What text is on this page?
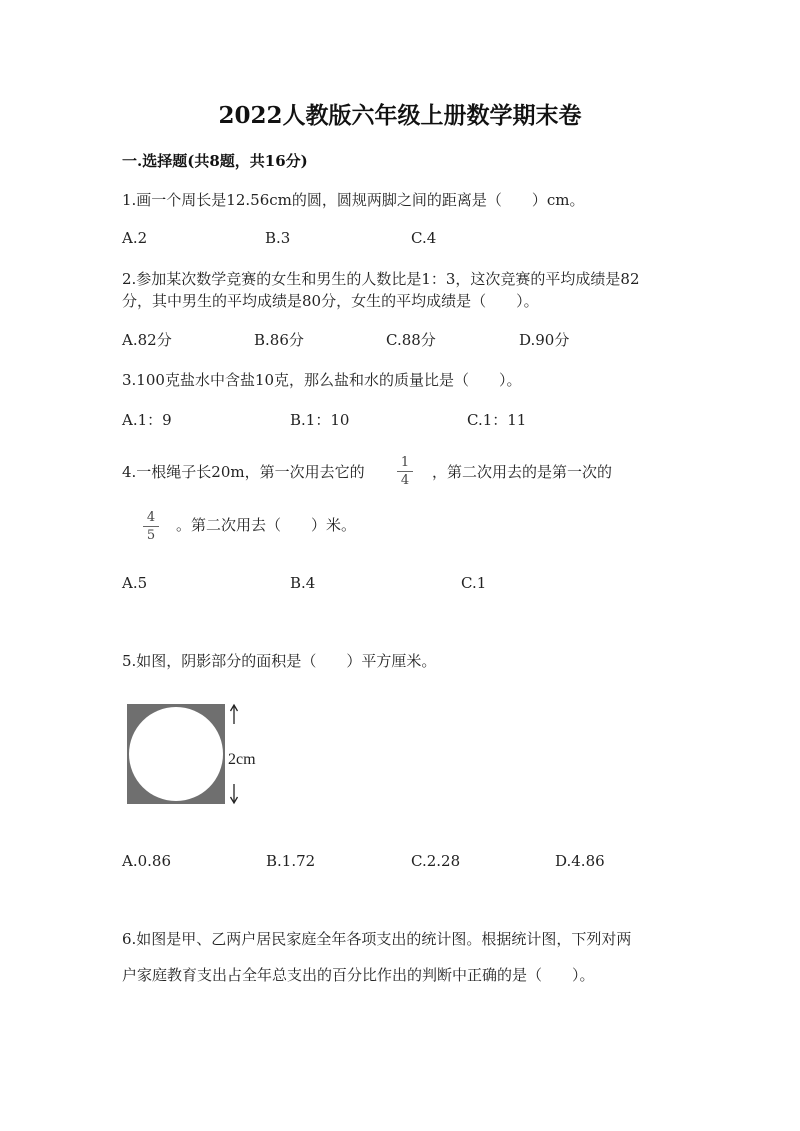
2022人教版六年级上册数学期末卷
一.选择题(共8题，共16分)
1.画一个周长是12.56cm的圆，圆规两脚之间的距离是（　　）cm。
A.2	B.3	C.4
2.参加某次数学竞赛的女生和男生的人数比是1：3，这次竞赛的平均成绩是82
分，其中男生的平均成绩是80分，女生的平均成绩是（　　）。
A.82分	B.86分	C.88分	D.90分
3.100克盐水中含盐10克，那么盐和水的质量比是（　　）。
A.1：9	B.1：10	C.1：11
4.一根绳子长20m，第一次用去它的
1
4 ，第二次用去的是第一次的
4
5
。第二次用去（　　）米。
A.5	B.4	C.1
5.如图，阴影部分的面积是（　　）平方厘米。
2cm
A.0.86	B.1.72	C.2.28	D.4.86
6.如图是甲、乙两户居民家庭全年各项支出的统计图。根据统计图，下列对两
户家庭教育支出占全年总支出的百分比作出的判断中正确的是（　　）。
